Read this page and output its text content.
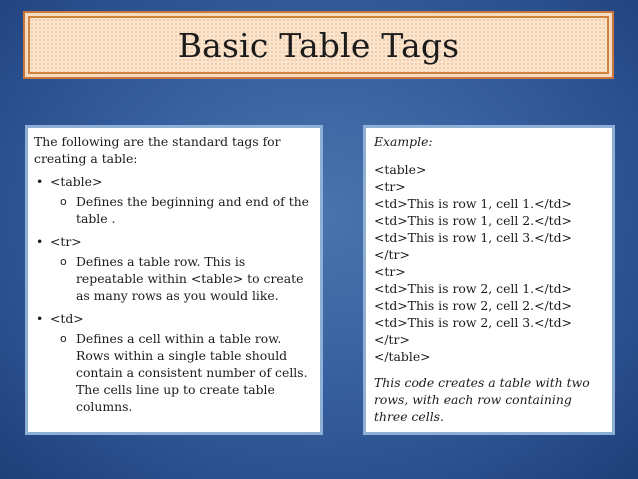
Basic Table Tags

The following are the standard tags for creating a table:

• <table>
o Defines the beginning and end of the table .
• <tr>
o Defines a table row. This is repeatable within <table> to create as many rows as you would like.
• <td>
o Defines a cell within a table row. Rows within a single table should contain a consistent number of cells. The cells line up to create table columns.

Example:

<table>

<tr>

<td>This is row 1, cell 1.</td>

<td>This is row 1, cell 2.</td>

<td>This is row 1, cell 3.</td>

</tr>

<tr>

<td>This is row 2, cell 1.</td>

<td>This is row 2, cell 2.</td>

<td>This is row 2, cell 3.</td>

</tr>

</table>

This code creates a table with two rows, with each row containing three cells.
